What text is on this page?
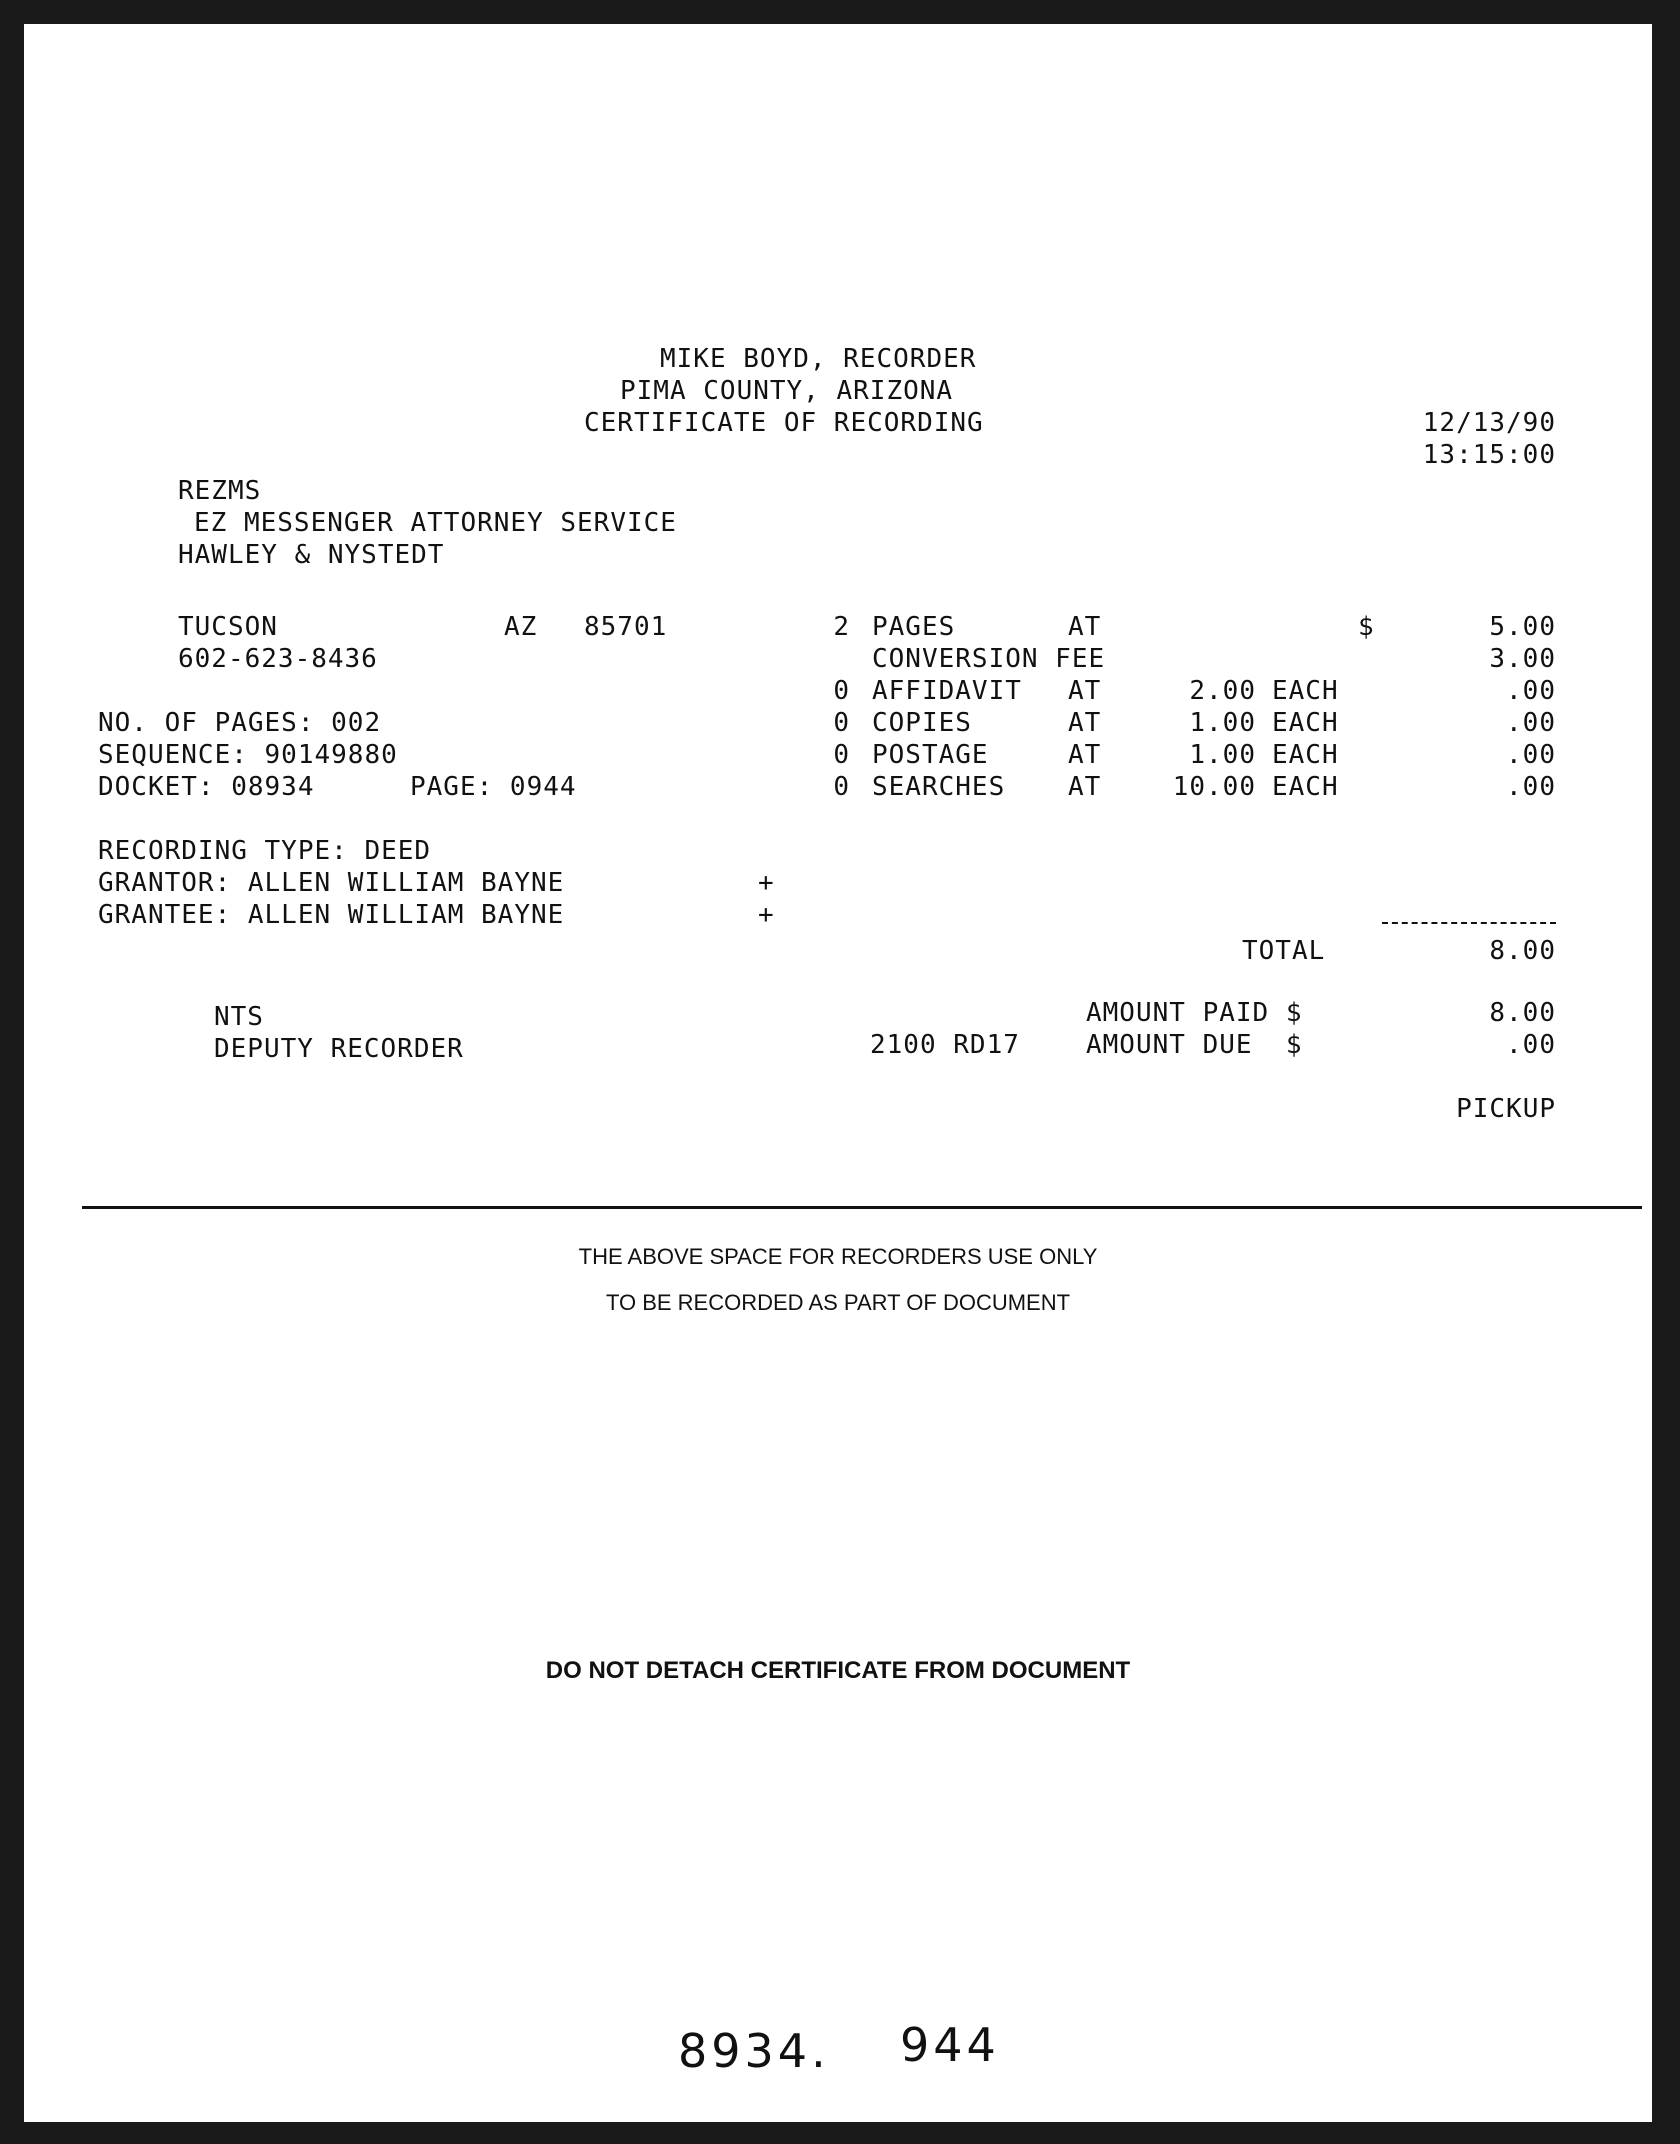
MIKE BOYD, RECORDER
PIMA COUNTY, ARIZONA
CERTIFICATE OF RECORDING	12/13/90
13:15:00
REZMS
EZ MESSENGER ATTORNEY SERVICE
HAWLEY & NYSTEDT
TUCSON	AZ 85701
602-623-8436
NO. OF PAGES: 002
SEQUENCE: 90149880
DOCKET: 08934	PAGE: 0944
RECORDING TYPE: DEED
GRANTOR: ALLEN WILLIAM BAYNE	+
GRANTEE: ALLEN WILLIAM BAYNE	+
2 PAGES	AT	$	5.00
CONVERSION FEE	3.00
0 AFFIDAVIT AT	2.00 EACH	.00
0 COPIES	AT	1.00 EACH	.00
0 POSTAGE	AT	1.00 EACH	.00
0 SEARCHES AT	10.00 EACH	.00
TOTAL	8.00
AMOUNT PAID $	8.00
AMOUNT DUE  $	.00
PICKUP
NTS
DEPUTY RECORDER	2100 RD17
THE ABOVE SPACE FOR RECORDERS USE ONLY
TO BE RECORDED AS PART OF DOCUMENT
DO NOT DETACH CERTIFICATE FROM DOCUMENT
8934. 944
